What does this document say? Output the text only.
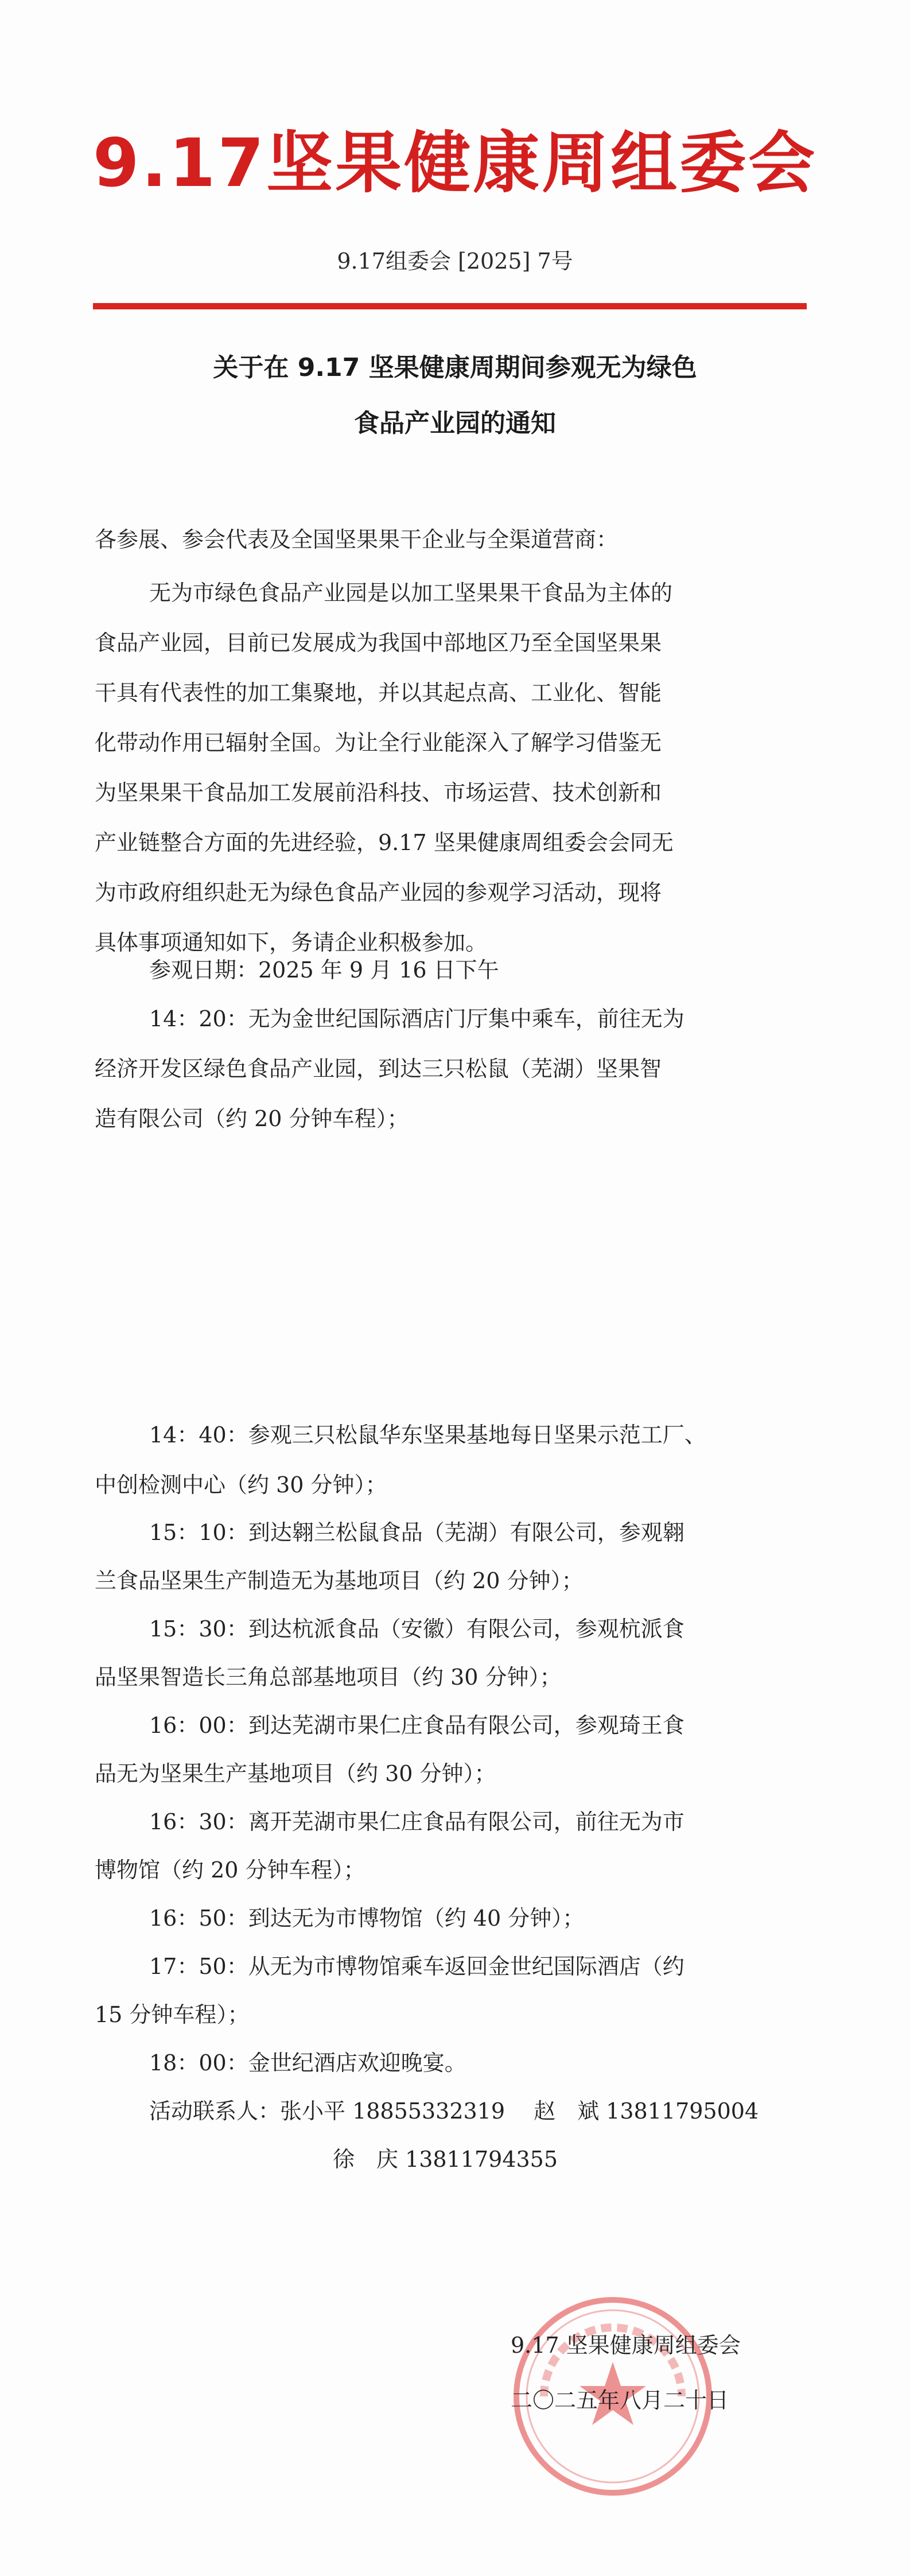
9.17坚果健康周组委会
9.17组委会 [2025] 7号
关于在 9.17 坚果健康周期间参观无为绿色
食品产业园的通知
各参展、参会代表及全国坚果果干企业与全渠道营商：
无为市绿色食品产业园是以加工坚果果干食品为主体的
食品产业园，目前已发展成为我国中部地区乃至全国坚果果
干具有代表性的加工集聚地，并以其起点高、工业化、智能
化带动作用已辐射全国。为让全行业能深入了解学习借鉴无
为坚果果干食品加工发展前沿科技、市场运营、技术创新和
产业链整合方面的先进经验，9.17 坚果健康周组委会会同无
为市政府组织赴无为绿色食品产业园的参观学习活动，现将
具体事项通知如下，务请企业积极参加。
参观日期：2025 年 9 月 16 日下午
14：20：无为金世纪国际酒店门厅集中乘车，前往无为
经济开发区绿色食品产业园，到达三只松鼠（芜湖）坚果智
造有限公司（约 20 分钟车程）；
14：40：参观三只松鼠华东坚果基地每日坚果示范工厂、
中创检测中心（约 30 分钟）；
15：10：到达翱兰松鼠食品（芜湖）有限公司，参观翱
兰食品坚果生产制造无为基地项目（约 20 分钟）；
15：30：到达杭派食品（安徽）有限公司，参观杭派食
品坚果智造长三角总部基地项目（约 30 分钟）；
16：00：到达芜湖市果仁庄食品有限公司，参观琦王食
品无为坚果生产基地项目（约 30 分钟）；
16：30：离开芜湖市果仁庄食品有限公司，前往无为市
博物馆（约 20 分钟车程）；
16：50：到达无为市博物馆（约 40 分钟）；
17：50：从无为市博物馆乘车返回金世纪国际酒店（约
15 分钟车程）；
18：00：金世纪酒店欢迎晚宴。
活动联系人：张小平 18855332319　 赵　斌 13811795004
徐　庆 13811794355
9.17 坚果健康周组委会
二〇二五年八月二十日
